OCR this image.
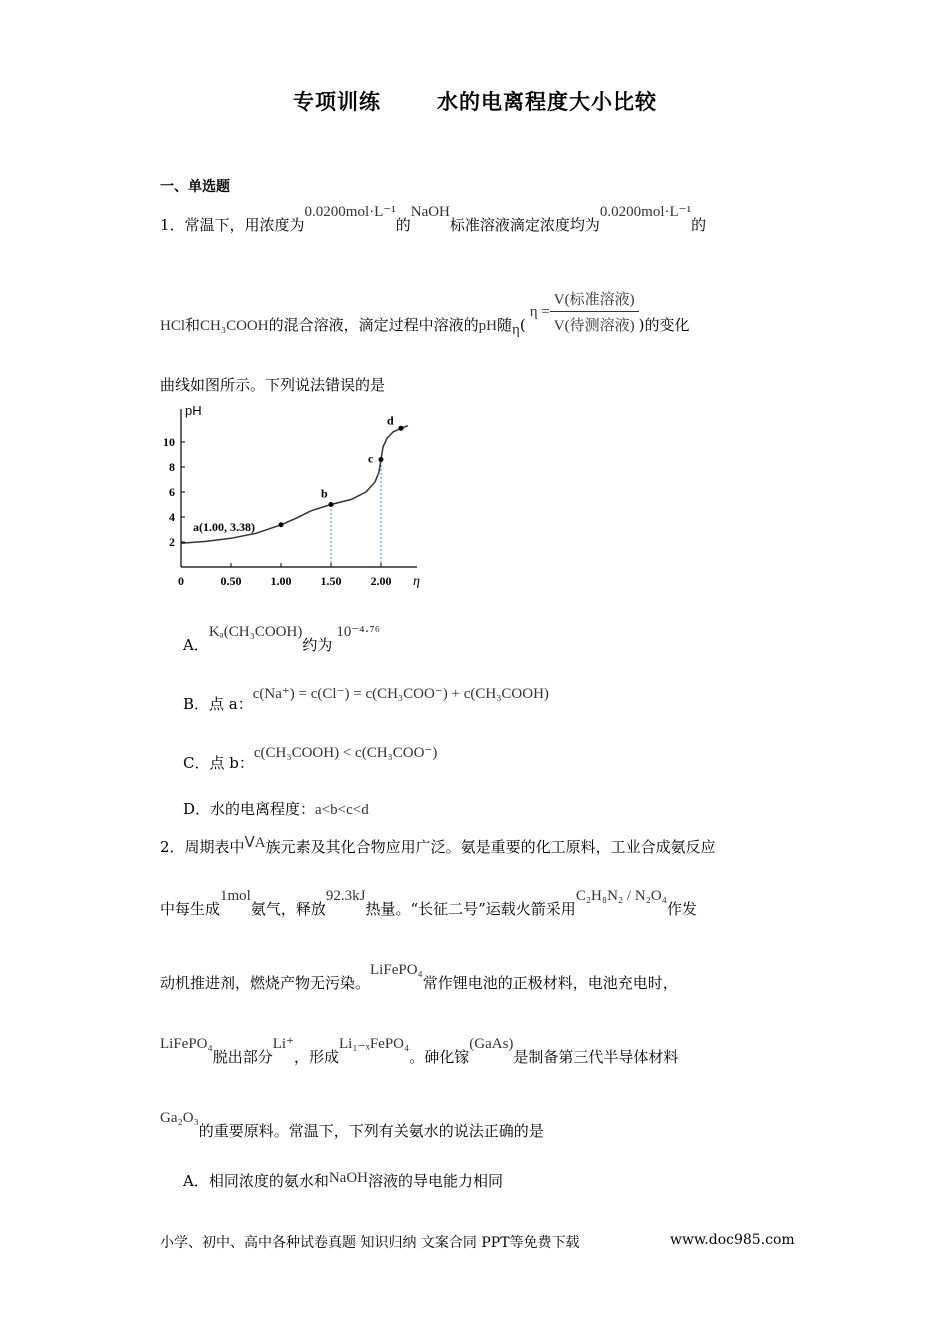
专项训练	水的电离程度大小比较
一、单选题
1．常温下，用浓度为0.0200mol·L⁻¹的NaOH标准溶液滴定浓度均为0.0200mol·L⁻¹的
HCl和CH₃COOH的混合溶液，滴定过程中溶液的pH随$\eta(\eta = \frac{\text{V(标准溶液)}}{\text{V(待测溶液)}}$ )的变化
曲线如图所示。下列说法错误的是
pH
η
a(1.00, 3.38)
b
c
d
0	0.50 1.00 1.50 2.00
2
4
6
8
10
A．Kₐ(CH₃COOH)约为10⁻⁴·⁷⁶
B．点 a：c(Na⁺) = c(Cl⁻) = c(CH₃COO⁻) + c(CH₃COOH)
C．点 b：c(CH₃COOH) < c(CH₃COO⁻)
D．水的电离程度：a<b<c<d
2．周期表中ⅤA族元素及其化合物应用广泛。氨是重要的化工原料，工业合成氨反应
中每生成1mol氨气，释放92.3kJ热量。“长征二号”运载火箭采用C₂H₈N₂ / N₂O₄作发
动机推进剂，燃烧产物无污染。LiFePO₄常作锂电池的正极材料，电池充电时，
LiFePO₄脱出部分Li⁺，形成Li₁₋ₓFePO₄。砷化镓(GaAs)是制备第三代半导体材料
Ga₂O₃的重要原料。常温下，下列有关氨水的说法正确的是
A．相同浓度的氨水和NaOH溶液的导电能力相同
小学、初中、高中各种试卷真题 知识归纳 文案合同 PPT等免费下载	www.doc985.com
